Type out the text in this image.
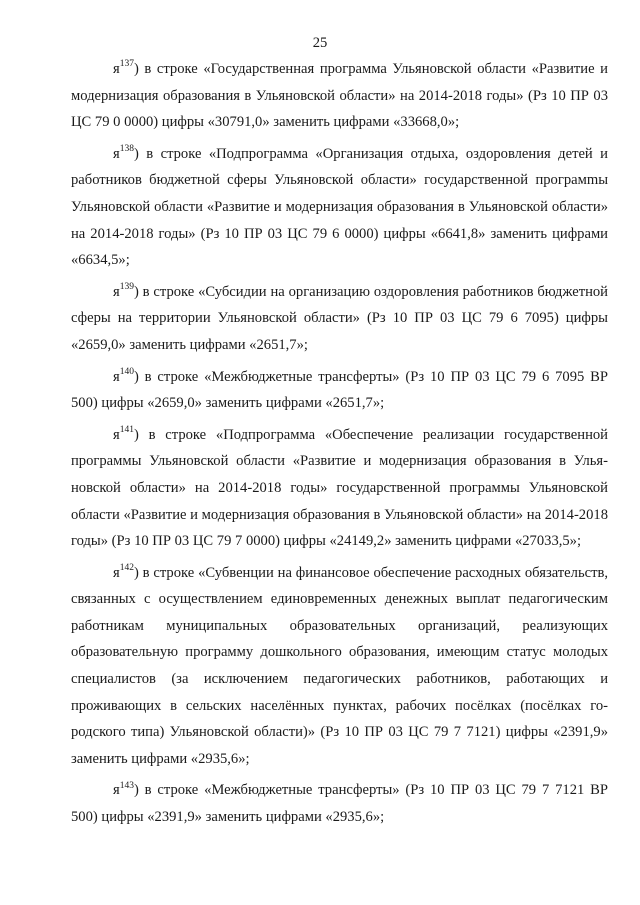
25

$я^{137}$) в строке «Государственная программа Ульяновской области «Развитие и модернизация образования в Ульяновской области» на 2014-2018 годы» (Рз 10 ПР 03 ЦС 79 0 0000) цифры «30791,0» заменить цифрами «33668,0»;

$я^{138}$) в строке «Подпрограмма «Организация отдыха, оздоровления детей и работников бюджетной сферы Ульяновской области» государственной програмmы Ульяновской области «Развитие и модернизация образования в Ульяновской области» на 2014-2018 годы» (Рз 10 ПР 03 ЦС 79 6 0000) цифры «6641,8» заменить цифрами «6634,5»;

$я^{139}$) в строке «Субсидии на организацию оздоровления работников бюджетной сферы на территории Ульяновской области» (Рз 10 ПР 03 ЦС 79 6 7095) цифры «2659,0» заменить цифрами «2651,7»;

$я^{140}$) в строке «Межбюджетные трансферты» (Рз 10 ПР 03 ЦС 79 6 7095 ВР 500) цифры «2659,0» заменить цифрами «2651,7»;

$я^{141}$) в строке «Подпрограмма «Обеспечение реализации государственной программы Ульяновской области «Развитие и модернизация образования в Ульяновской области» на 2014-2018 годы» государственной программы Ульяновской области «Развитие и модернизация образования в Ульяновской области» на 2014-2018 годы» (Рз 10 ПР 03 ЦС 79 7 0000) цифры «24149,2» заменить цифрами «27033,5»;

$я^{142}$) в строке «Субвенции на финансовое обеспечение расходных обязательств, связанных с осуществлением единовременных денежных выплат педагогическим работникам муниципальных образовательных организаций, реализующих образовательную программу дошкольного образования, имеющим статус молодых специалистов (за исключением педагогических работников, работающих и проживающих в сельских населённых пунктах, рабочих посёлках (посёлках городского типа) Ульяновской области)» (Рз 10 ПР 03 ЦС 79 7 7121) цифры «2391,9» заменить цифрами «2935,6»;

$я^{143}$) в строке «Межбюджетные трансферты» (Рз 10 ПР 03 ЦС 79 7 7121 ВР 500) цифры «2391,9» заменить цифрами «2935,6»;
